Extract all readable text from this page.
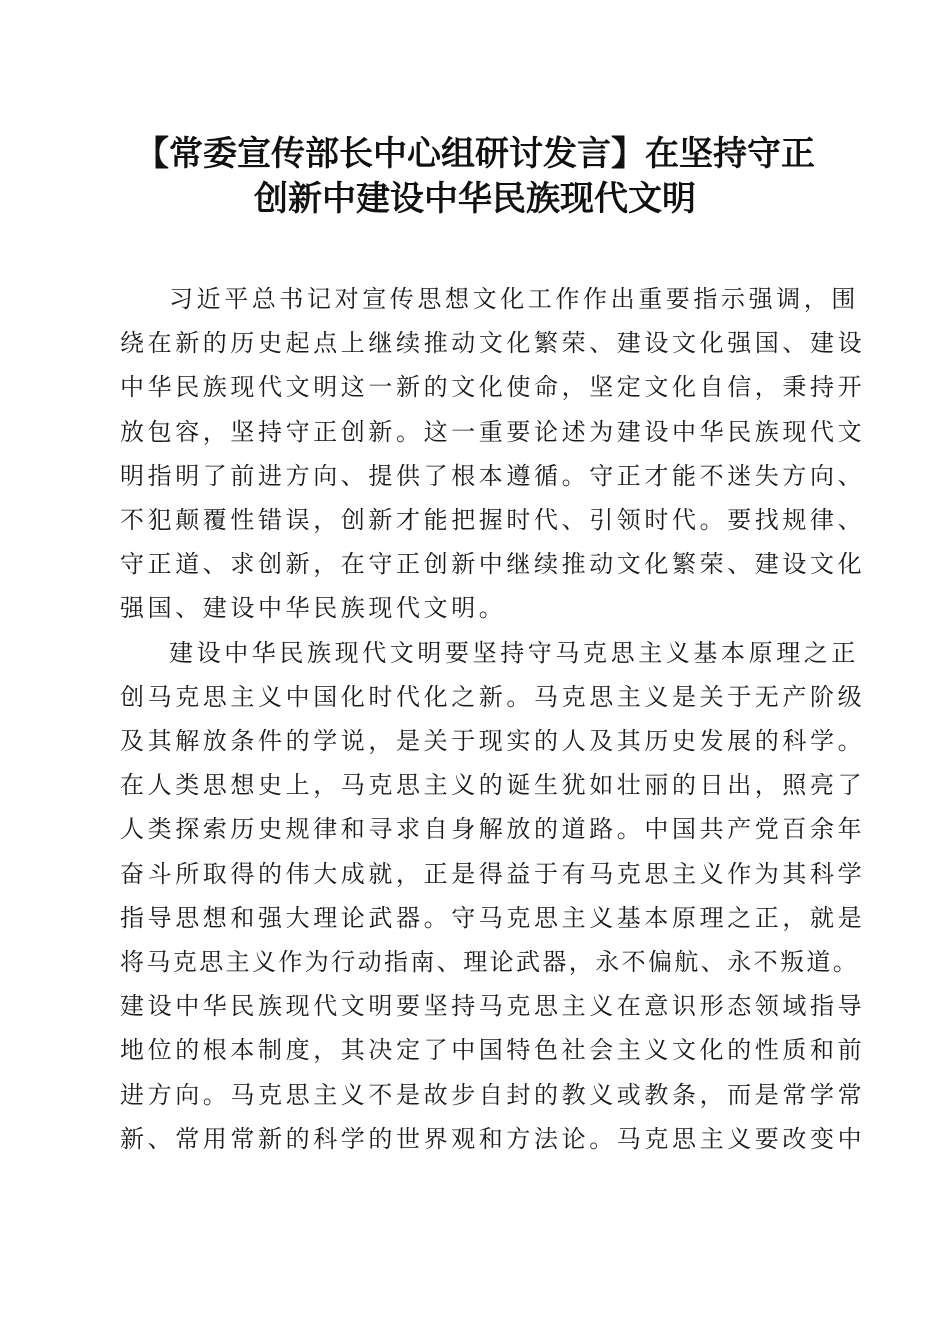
【常委宣传部长中心组研讨发言】在坚持守正
创新中建设中华民族现代文明

习近平总书记对宣传思想文化工作作出重要指示强调，围
绕在新的历史起点上继续推动文化繁荣、建设文化强国、建设
中华民族现代文明这一新的文化使命，坚定文化自信，秉持开
放包容，坚持守正创新。这一重要论述为建设中华民族现代文
明指明了前进方向、提供了根本遵循。守正才能不迷失方向、
不犯颠覆性错误，创新才能把握时代、引领时代。要找规律、
守正道、求创新，在守正创新中继续推动文化繁荣、建设文化
强国、建设中华民族现代文明。

建设中华民族现代文明要坚持守马克思主义基本原理之正
创马克思主义中国化时代化之新。马克思主义是关于无产阶级
及其解放条件的学说，是关于现实的人及其历史发展的科学。
在人类思想史上，马克思主义的诞生犹如壮丽的日出，照亮了
人类探索历史规律和寻求自身解放的道路。中国共产党百余年
奋斗所取得的伟大成就，正是得益于有马克思主义作为其科学
指导思想和强大理论武器。守马克思主义基本原理之正，就是
将马克思主义作为行动指南、理论武器，永不偏航、永不叛道。
建设中华民族现代文明要坚持马克思主义在意识形态领域指导
地位的根本制度，其决定了中国特色社会主义文化的性质和前
进方向。马克思主义不是故步自封的教义或教条，而是常学常
新、常用常新的科学的世界观和方法论。马克思主义要改变中
